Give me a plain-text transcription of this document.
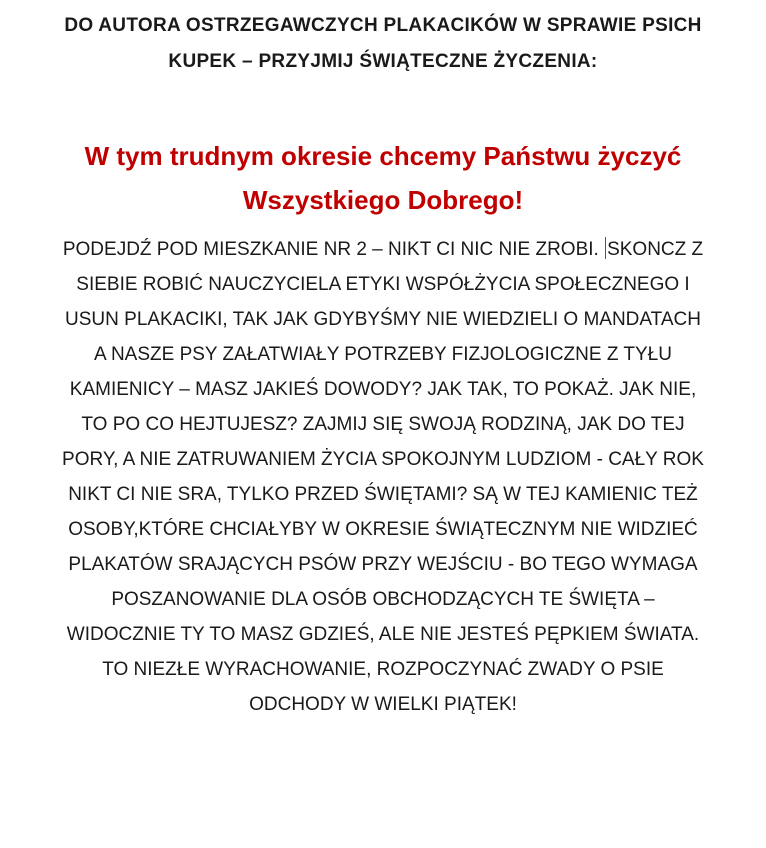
DO AUTORA OSTRZEGAWCZYCH PLAKACIKÓW W SPRAWIE PSICH KUPEK – PRZYJMIJ ŚWIĄTECZNE ŻYCZENIA:
W tym trudnym okresie chcemy Państwu życzyć Wszystkiego Dobrego!
PODEJDŹ POD MIESZKANIE NR 2 – NIKT CI NIC NIE ZROBI. SKONCZ Z SIEBIE ROBIĆ NAUCZYCIELA ETYKI WSPÓŁŻYCIA SPOŁECZNEGO I USUN PLAKACIKI, TAK JAK GDYBYŚMY NIE WIEDZIELI O MANDATACH A NASZE PSY ZAŁATWIAŁY POTRZEBY FIZJOLOGICZNE Z TYŁU KAMIENICY – MASZ JAKIEŚ DOWODY? JAK TAK, TO POKAŻ. JAK NIE, TO PO CO HEJTUJESZ? ZAJMIJ SIĘ SWOJĄ RODZINĄ, JAK DO TEJ PORY, A NIE ZATRUWANIEM ŻYCIA SPOKOJNYM LUDZIOM - CAŁY ROK NIKT CI NIE SRA, TYLKO PRZED ŚWIĘTAMI? SĄ W TEJ KAMIENIC TEŻ OSOBY,KTÓRE CHCIAŁYBY W OKRESIE ŚWIĄTECZNYM NIE WIDZIEĆ PLAKATÓW SRAJĄCYCH PSÓW PRZY WEJŚCIU - BO TEGO WYMAGA POSZANOWANIE DLA OSÓB OBCHODZĄCYCH TE ŚWIĘTA – WIDOCZNIE TY TO MASZ GDZIEŚ, ALE NIE JESTEŚ PĘPKIEM ŚWIATA. TO NIEZŁE WYRACHOWANIE, ROZPOCZYNAĆ ZWADY O PSIE ODCHODY W WIELKI PIĄTEK!
